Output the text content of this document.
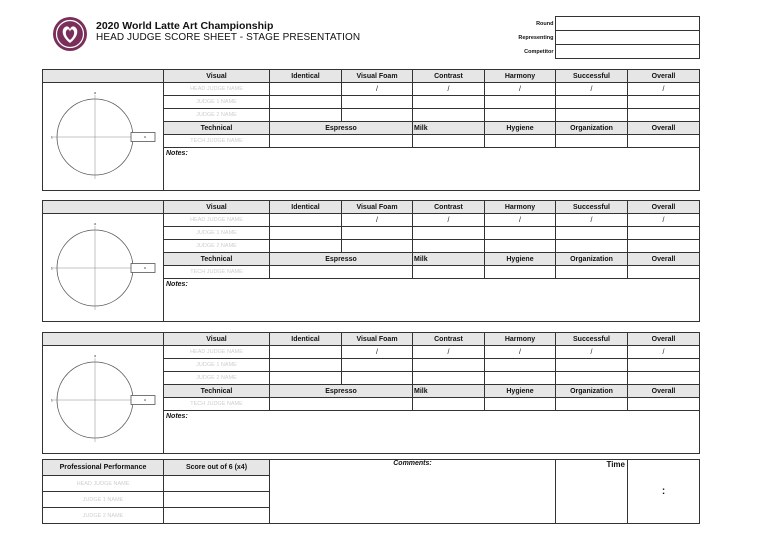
2020 World Latte Art Championship
HEAD JUDGE SCORE SHEET - STAGE PRESENTATION
Round	
Representing	
Competitor	
	Visual	Identical	Visual Foam	Contrast	Harmony	Successful	Overall

a
b	HEAD JUDGE NAME		/	/	/	/	/
	JUDGE 1 NAME						
	JUDGE 2 NAME						
	Technical	Espresso		Milk	Hygiene	Organization	Overall
	TECH JUDGE NAME						
	Notes:						
	Visual	Identical	Visual Foam	Contrast	Harmony	Successful	Overall

a
b	HEAD JUDGE NAME		/	/	/	/	/
	JUDGE 1 NAME						
	JUDGE 2 NAME						
	Technical	Espresso		Milk	Hygiene	Organization	Overall
	TECH JUDGE NAME						
	Notes:						
	Visual	Identical	Visual Foam	Contrast	Harmony	Successful	Overall

a
b	HEAD JUDGE NAME		/	/	/	/	/
	JUDGE 1 NAME						
	JUDGE 2 NAME						
	Technical	Espresso		Milk	Hygiene	Organization	Overall
	TECH JUDGE NAME						
	Notes:						
Professional Performance	Score out of 6 (x4)	Comments:	Time	:
HEAD JUDGE NAME				
JUDGE 1 NAME				
JUDGE 2 NAME				
